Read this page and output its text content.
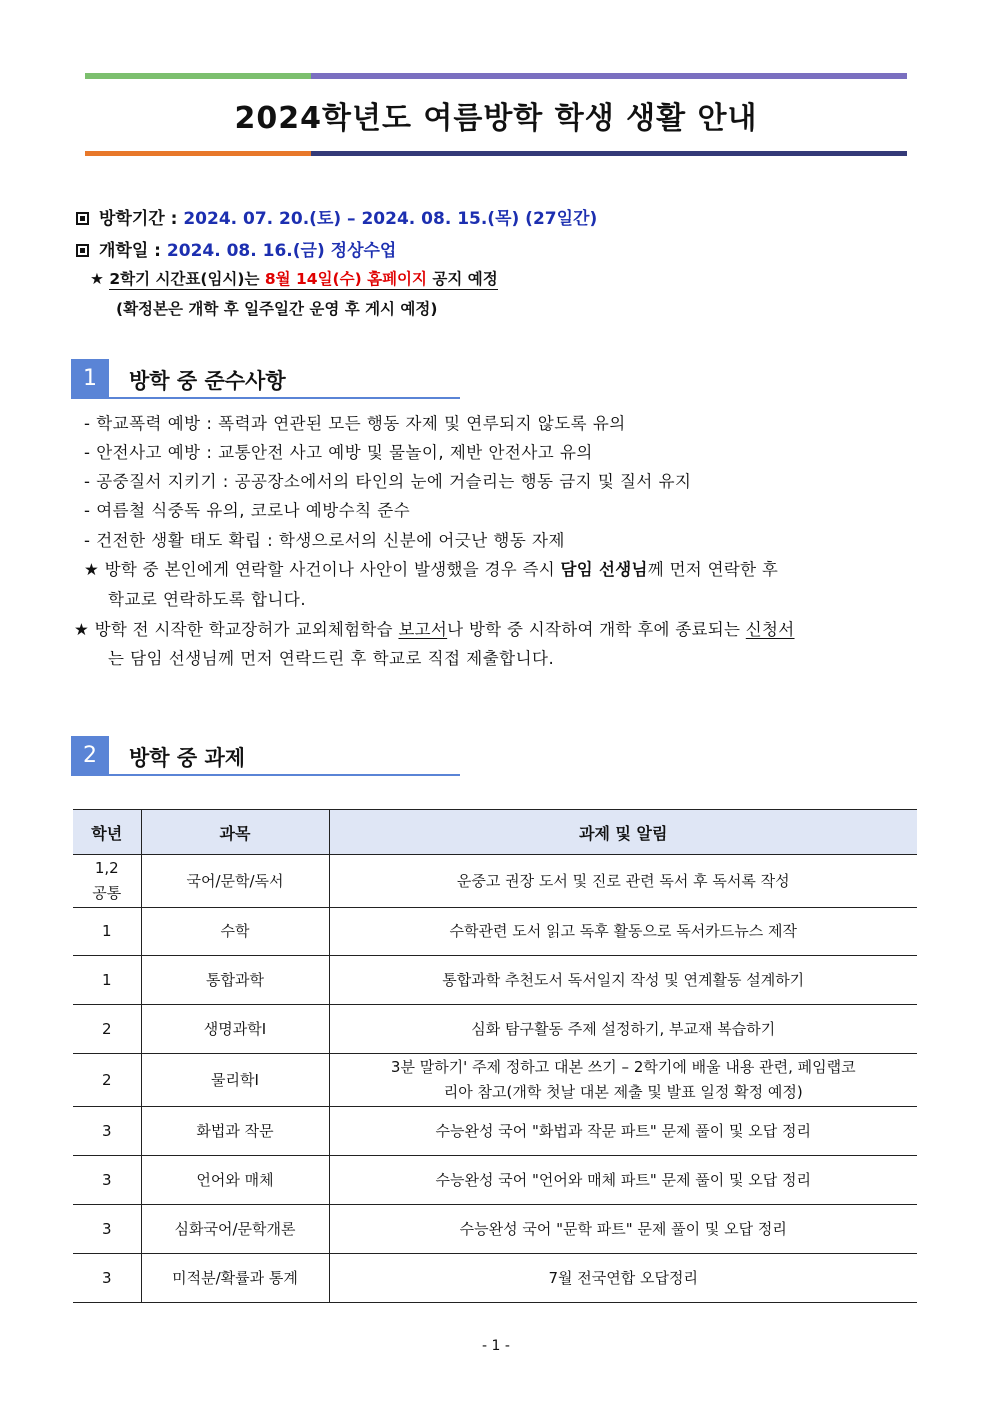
2024학년도 여름방학 학생 생활 안내
방학기간 : 2024. 07. 20.(토) – 2024. 08. 15.(목) (27일간)
개학일 : 2024. 08. 16.(금) 정상수업
★ 2학기 시간표(임시)는 8월 14일(수) 홈페이지 공지 예정
(확정본은 개학 후 일주일간 운영 후 게시 예정)
1	방학 중 준수사항
- 학교폭력 예방 : 폭력과 연관된 모든 행동 자제 및 연루되지 않도록 유의
- 안전사고 예방 : 교통안전 사고 예방 및 물놀이, 제반 안전사고 유의
- 공중질서 지키기 : 공공장소에서의 타인의 눈에 거슬리는 행동 금지 및 질서 유지
- 여름철 식중독 유의, 코로나 예방수칙 준수
- 건전한 생활 태도 확립 : 학생으로서의 신분에 어긋난 행동 자제
★ 방학 중 본인에게 연락할 사건이나 사안이 발생했을 경우 즉시 담임 선생님께 먼저 연락한 후
학교로 연락하도록 합니다.
★ 방학 전 시작한 학교장허가 교외체험학습 보고서나 방학 중 시작하여 개학 후에 종료되는 신청서
는 담임 선생님께 먼저 연락드린 후 학교로 직접 제출합니다.
2	방학 중 과제
학년	과목	과제 및 알림

1,2
공통	국어/문학/독서	운중고 권장 도서 및 진로 관련 독서 후 독서록 작성

1	수학	수학관련 도서 읽고 독후 활동으로 독서카드뉴스 제작

1	통합과학	통합과학 추천도서 독서일지 작성 및 연계활동 설계하기

2	생명과학Ⅰ	심화 탐구활동 주제 설정하기, 부교재 복습하기

2	물리학Ⅰ	3분 말하기' 주제 정하고 대본 쓰기 – 2학기에 배울 내용 관련, 페임랩코
리아 참고(개학 첫날 대본 제출 및 발표 일정 확정 예정)

3	화법과 작문	수능완성 국어 "화법과 작문 파트" 문제 풀이 및 오답 정리

3	언어와 매체	수능완성 국어 "언어와 매체 파트" 문제 풀이 및 오답 정리

3	심화국어/문학개론	수능완성 국어 "문학 파트" 문제 풀이 및 오답 정리

3	미적분/확률과 통계	7월 전국연합 오답정리
- 1 -
